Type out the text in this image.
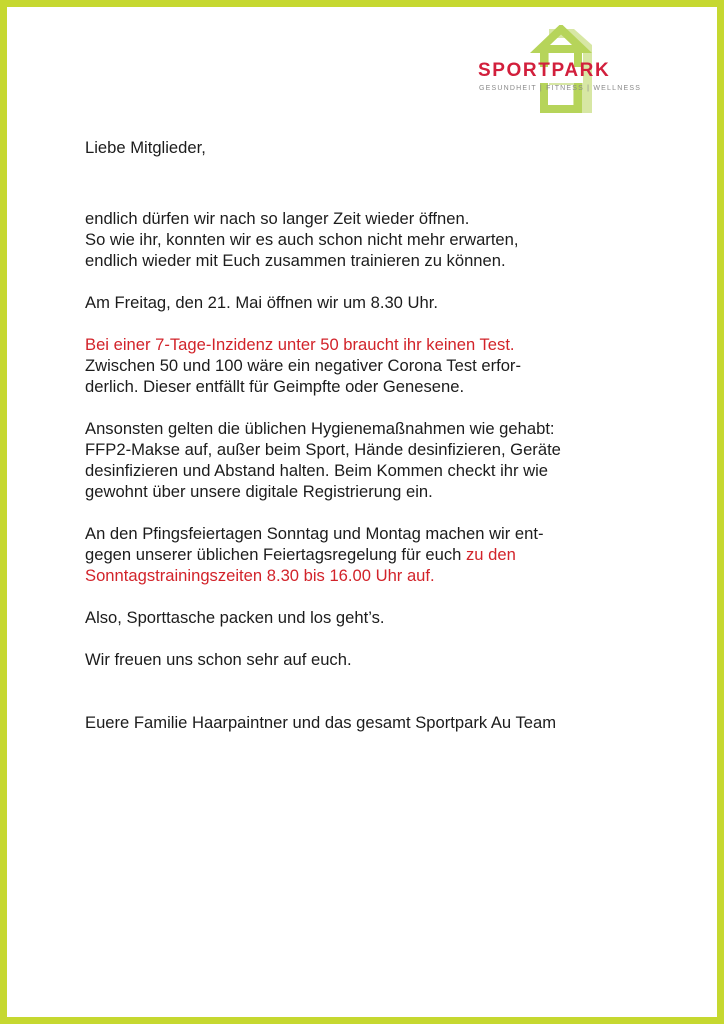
SPORTPARK
GESUNDHEIT | FITNESS | WELLNESS

Liebe Mitglieder,

endlich dürfen wir nach so langer Zeit wieder öffnen.

So wie ihr, konnten wir es auch schon nicht mehr erwarten,

endlich wieder mit Euch zusammen trainieren zu können.

Am Freitag, den 21. Mai öffnen wir um 8.30 Uhr.

Bei einer 7-Tage-Inzidenz unter 50 braucht ihr keinen Test.

Zwischen 50 und 100 wäre ein negativer Corona Test erfor-

derlich. Dieser entfällt für Geimpfte oder Genesene.

Ansonsten gelten die üblichen Hygienemaßnahmen wie gehabt:

FFP2-Makse auf, außer beim Sport, Hände desinfizieren, Geräte

desinfizieren und Abstand halten. Beim Kommen checkt ihr wie

gewohnt über unsere digitale Registrierung ein.

An den Pfingsfeiertagen Sonntag und Montag machen wir ent-

gegen unserer üblichen Feiertagsregelung für euch zu den

Sonntagstrainingszeiten 8.30 bis 16.00 Uhr auf.

Also, Sporttasche packen und los geht’s.

Wir freuen uns schon sehr auf euch.

Euere Familie Haarpaintner und das gesamt Sportpark Au Team
